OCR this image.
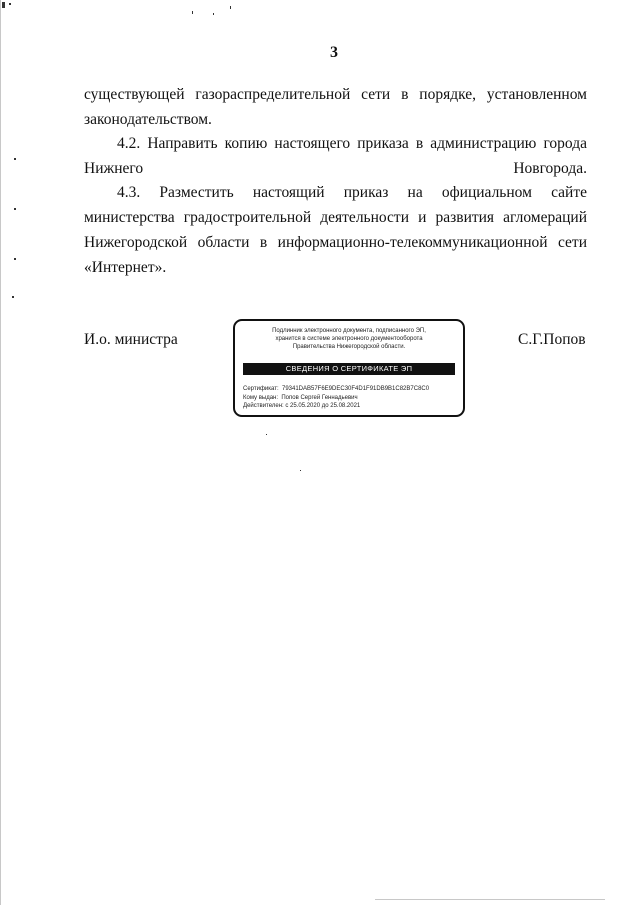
3

существующей газораспределительной сети в порядке, установленном законодательством.

4.2. Направить копию настоящего приказа в администрацию города Нижнего Новгорода.

4.3. Разместить настоящий приказ на официальном сайте министерства градостроительной деятельности и развития агломераций Нижегородской области в информационно-телекоммуникационной сети «Интернет».

И.о. министра	С.Г.Попов
Подлинник электронного документа, подписанного ЭП,
хранится в системе электронного документооборота
Правительства Нижегородской области.
СВЕДЕНИЯ О СЕРТИФИКАТЕ ЭП
Сертификат: 79341DAB57F6E9DEC30F4D1F91DB9B1C82B7C8C0
Кому выдан: Попов Сергей Геннадьевич
Действителен: с 25.05.2020 до 25.08.2021
